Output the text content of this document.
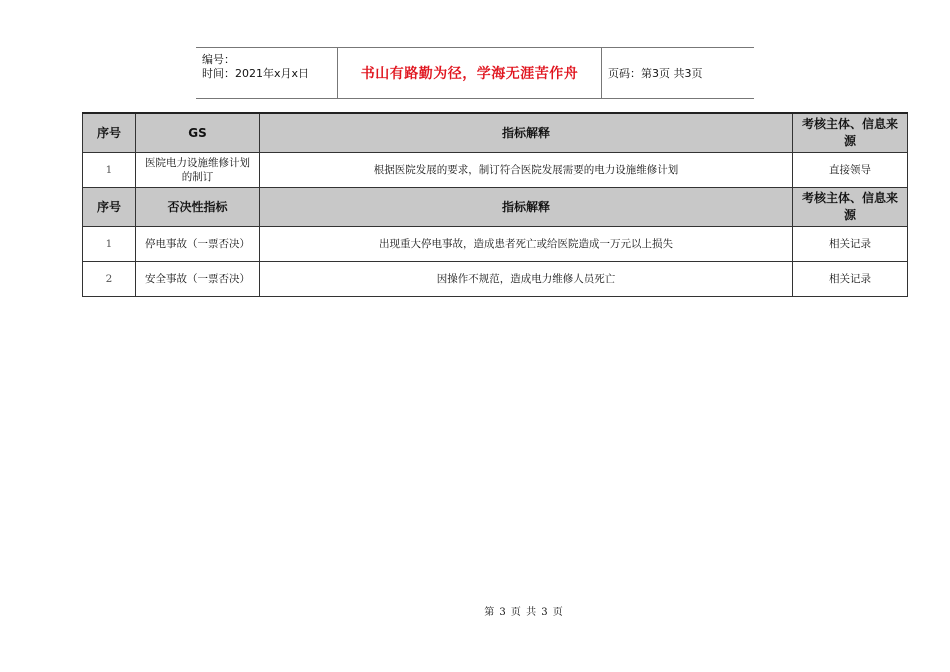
编号：
时间：2021年x月x日	书山有路勤为径，学海无涯苦作舟	页码：第3页 共3页
序号	GS	指标解释	考核主体、信息来源
1	医院电力设施维修计划的制订	根据医院发展的要求，制订符合医院发展需要的电力设施维修计划	直接领导
序号	否决性指标	指标解释	考核主体、信息来源
1	停电事故（一票否决）	出现重大停电事故，造成患者死亡或给医院造成一万元以上损失	相关记录
2	安全事故（一票否决）	因操作不规范，造成电力维修人员死亡	相关记录
第 3 页 共 3 页
